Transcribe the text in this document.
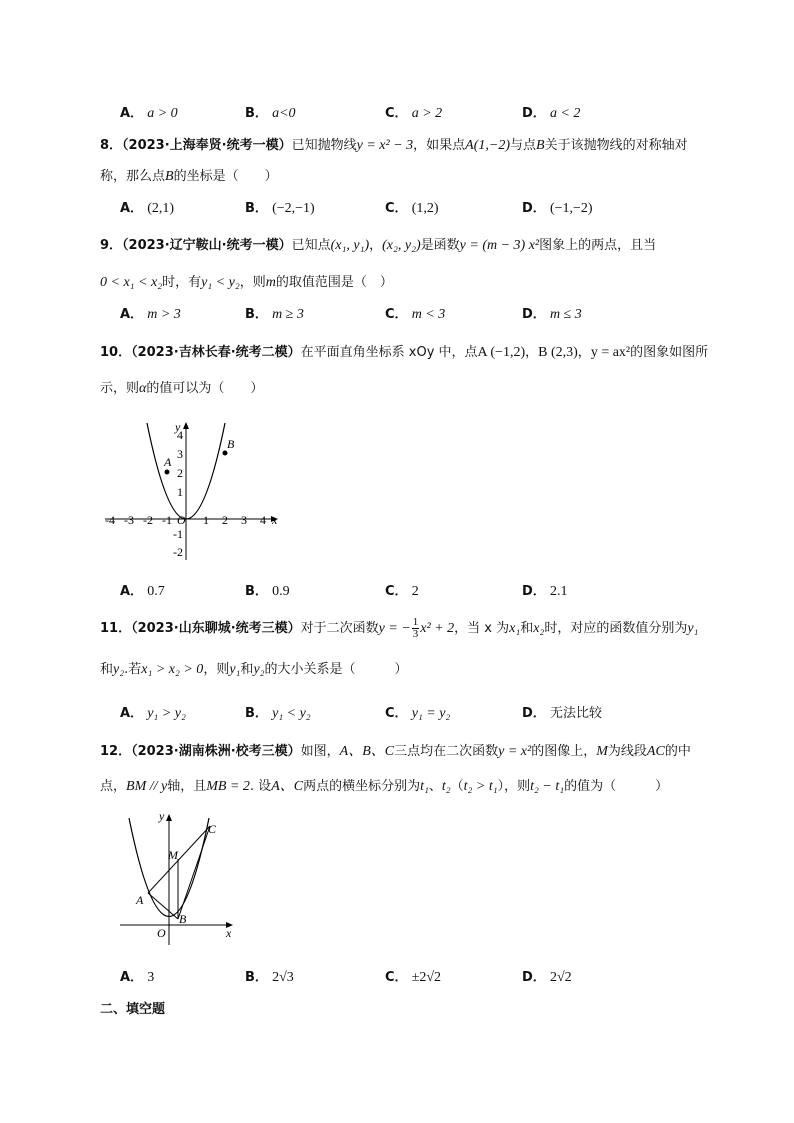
A． a > 0	B． a<0	C． a > 2	D． a < 2
8．（2023·上海奉贤·统考一模）已知抛物线y = x² − 3，如果点A(1,−2)与点B关于该抛物线的对称轴对
称，那么点B的坐标是（　　）
A． (2,1)	B． (−2,−1)	C． (1,2)	D． (−1,−2)
9．（2023·辽宁鞍山·统考一模）已知点(x₁, y₁)，(x₂, y₂)是函数y = (m − 3) x²图象上的两点，且当
0 < x₁ < x₂时，有y₁ < y₂，则m的取值范围是（　）
A． m > 3	B． m ≥ 3	C． m < 3	D． m ≤ 3
10．（2023·吉林长春·统考二模）在平面直角坐标系 xOy 中，点A (−1,2)，B (2,3)，y = ax²的图象如图所
示，则α的值可以为（　　）
A
B
y
x
O
-4 -3 -2 -1	1 2 3 4
4
3
2
1
-1
-2
A． 0.7	B． 0.9	C． 2	D． 2.1
11．（2023·山东聊城·统考三模）对于二次函数y = − $\frac{1}{3} x^2 + 2$，当 x 为x₁和x₂时，对应的函数值分别为y₁
和y₂.若x₁ > x₂ > 0，则y₁和y₂的大小关系是（　　　）
A． y₁ > y₂	B． y₁ < y₂	C． y₁ = y₂	D． 无法比较
12．（2023·湖南株洲·校考三模）如图，A、B、C三点均在二次函数y = x²的图像上，M为线段AC的中
点，BM // y轴，且MB = 2. 设A、C两点的横坐标分别为t₁、t₂（t₂ > t₁），则t₂ − t₁的值为（　　　）
y
x
O
A
B
C
M
A． 3	B． 2√3	C． ±2√2	D． 2√2
二、填空题
